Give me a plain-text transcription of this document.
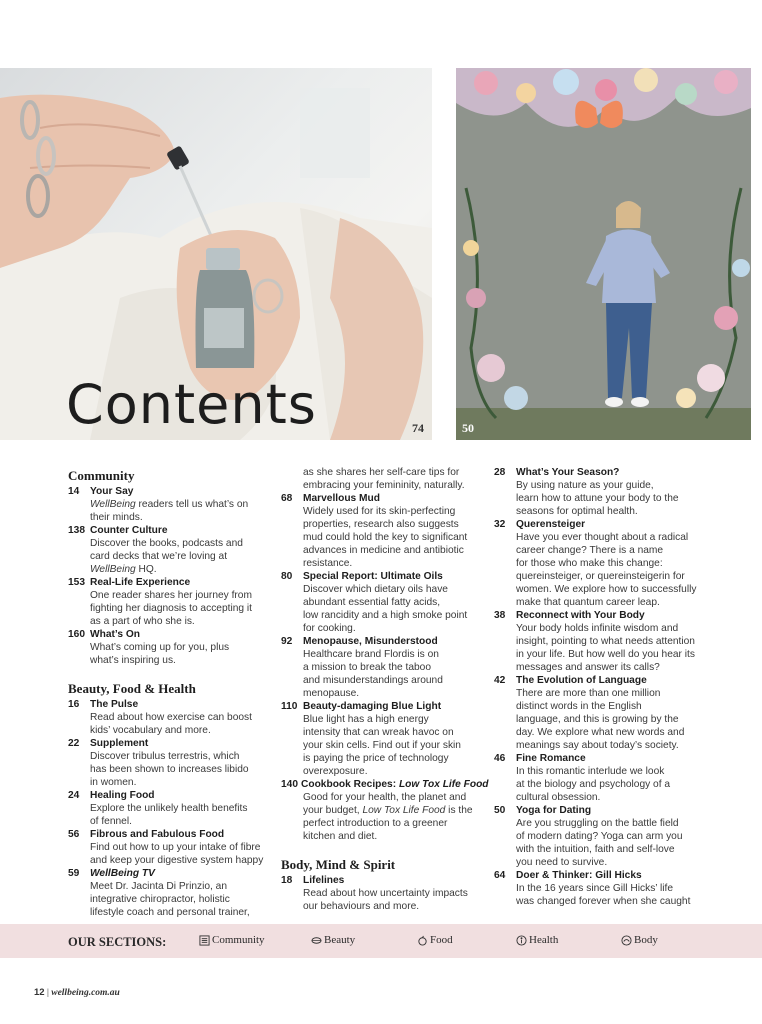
74	50
Contents
Community
14	Your Say
WellBeing readers tell us what’s on
their minds.
138 Counter Culture
Discover the books, podcasts and
card decks that we’re loving at
WellBeing HQ.
153 Real-Life Experience
One reader shares her journey from
fighting her diagnosis to accepting it
as a part of who she is.
160 What’s On
What’s coming up for you, plus
what’s inspiring us.
Beauty, Food & Health
16	The Pulse
Read about how exercise can boost
kids’ vocabulary and more.
22	Supplement
Discover tribulus terrestris, which
has been shown to increases libido
in women.
24	Healing Food
Explore the unlikely health benefits
of fennel.
56	Fibrous and Fabulous Food
Find out how to up your intake of fibre
and keep your digestive system happy
59	WellBeing TV
Meet Dr. Jacinta Di Prinzio, an
integrative chiropractor, holistic
lifestyle coach and personal trainer,
as she shares her self-care tips for
embracing your femininity, naturally.
68	Marvellous Mud
Widely used for its skin-perfecting
properties, research also suggests
mud could hold the key to significant
advances in medicine and antibiotic
resistance.
80	Special Report: Ultimate Oils
Discover which dietary oils have
abundant essential fatty acids,
low rancidity and a high smoke point
for cooking.
92	Menopause, Misunderstood
Healthcare brand Flordis is on
a mission to break the taboo
and misunderstandings around
menopause.
110 Beauty-damaging Blue Light
Blue light has a high energy
intensity that can wreak havoc on
your skin cells. Find out if your skin
is paying the price of technology
overexposure.
140 Cookbook Recipes: Low Tox Life Food
Good for your health, the planet and
your budget, Low Tox Life Food is the
perfect introduction to a greener
kitchen and diet.
Body, Mind & Spirit
18	Lifelines
Read about how uncertainty impacts
our behaviours and more.
28	What’s Your Season?
By using nature as your guide,
learn how to attune your body to the
seasons for optimal health.
32	Querensteiger
Have you ever thought about a radical
career change? There is a name
for those who make this change:
quereinsteiger, or quereinsteigerin for
women. We explore how to successfully
make that quantum career leap.
38	Reconnect with Your Body
Your body holds infinite wisdom and
insight, pointing to what needs attention
in your life. But how well do you hear its
messages and answer its calls?
42	The Evolution of Language
There are more than one million
distinct words in the English
language, and this is growing by the
day. We explore what new words and
meanings say about today’s society.
46	Fine Romance
In this romantic interlude we look
at the biology and psychology of a
cultural obsession.
50	Yoga for Dating
Are you struggling on the battle field
of modern dating? Yoga can arm you
with the intuition, faith and self-love
you need to survive.
64	Doer & Thinker: Gill Hicks
In the 16 years since Gill Hicks’ life
was changed forever when she caught
OUR SECTIONS:	Community	Beauty	Food	Health	Body
12 | wellbeing.com.au
